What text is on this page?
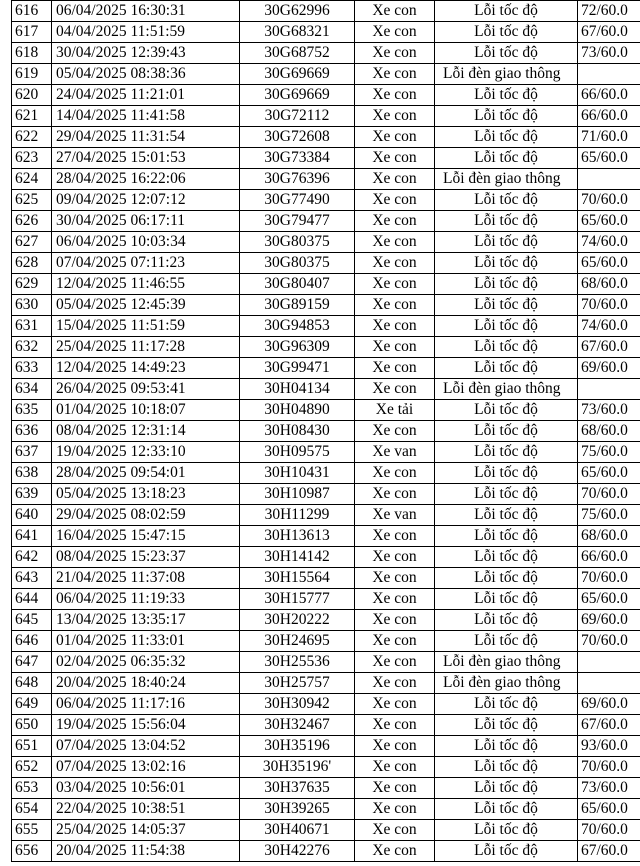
616	06/04/2025 16:30:31	30G62996	Xe con	Lỗi tốc độ	72/60.0
617	04/04/2025 11:51:59	30G68321	Xe con	Lỗi tốc độ	67/60.0
618	30/04/2025 12:39:43	30G68752	Xe con	Lỗi tốc độ	73/60.0
619	05/04/2025 08:38:36	30G69669	Xe con	Lỗi đèn giao thông	
620	24/04/2025 11:21:01	30G69669	Xe con	Lỗi tốc độ	66/60.0
621	14/04/2025 11:41:58	30G72112	Xe con	Lỗi tốc độ	66/60.0
622	29/04/2025 11:31:54	30G72608	Xe con	Lỗi tốc độ	71/60.0
623	27/04/2025 15:01:53	30G73384	Xe con	Lỗi tốc độ	65/60.0
624	28/04/2025 16:22:06	30G76396	Xe con	Lỗi đèn giao thông	
625	09/04/2025 12:07:12	30G77490	Xe con	Lỗi tốc độ	70/60.0
626	30/04/2025 06:17:11	30G79477	Xe con	Lỗi tốc độ	65/60.0
627	06/04/2025 10:03:34	30G80375	Xe con	Lỗi tốc độ	74/60.0
628	07/04/2025 07:11:23	30G80375	Xe con	Lỗi tốc độ	65/60.0
629	12/04/2025 11:46:55	30G80407	Xe con	Lỗi tốc độ	68/60.0
630	05/04/2025 12:45:39	30G89159	Xe con	Lỗi tốc độ	70/60.0
631	15/04/2025 11:51:59	30G94853	Xe con	Lỗi tốc độ	74/60.0
632	25/04/2025 11:17:28	30G96309	Xe con	Lỗi tốc độ	67/60.0
633	12/04/2025 14:49:23	30G99471	Xe con	Lỗi tốc độ	69/60.0
634	26/04/2025 09:53:41	30H04134	Xe con	Lỗi đèn giao thông	
635	01/04/2025 10:18:07	30H04890	Xe tải	Lỗi tốc độ	73/60.0
636	08/04/2025 12:31:14	30H08430	Xe con	Lỗi tốc độ	68/60.0
637	19/04/2025 12:33:10	30H09575	Xe van	Lỗi tốc độ	75/60.0
638	28/04/2025 09:54:01	30H10431	Xe con	Lỗi tốc độ	65/60.0
639	05/04/2025 13:18:23	30H10987	Xe con	Lỗi tốc độ	70/60.0
640	29/04/2025 08:02:59	30H11299	Xe van	Lỗi tốc độ	75/60.0
641	16/04/2025 15:47:15	30H13613	Xe con	Lỗi tốc độ	68/60.0
642	08/04/2025 15:23:37	30H14142	Xe con	Lỗi tốc độ	66/60.0
643	21/04/2025 11:37:08	30H15564	Xe con	Lỗi tốc độ	70/60.0
644	06/04/2025 11:19:33	30H15777	Xe con	Lỗi tốc độ	65/60.0
645	13/04/2025 13:35:17	30H20222	Xe con	Lỗi tốc độ	69/60.0
646	01/04/2025 11:33:01	30H24695	Xe con	Lỗi tốc độ	70/60.0
647	02/04/2025 06:35:32	30H25536	Xe con	Lỗi đèn giao thông	
648	20/04/2025 18:40:24	30H25757	Xe con	Lỗi đèn giao thông	
649	06/04/2025 11:17:16	30H30942	Xe con	Lỗi tốc độ	69/60.0
650	19/04/2025 15:56:04	30H32467	Xe con	Lỗi tốc độ	67/60.0
651	07/04/2025 13:04:52	30H35196	Xe con	Lỗi tốc độ	93/60.0
652	07/04/2025 13:02:16	30H35196'	Xe con	Lỗi tốc độ	70/60.0
653	03/04/2025 10:56:01	30H37635	Xe con	Lỗi tốc độ	73/60.0
654	22/04/2025 10:38:51	30H39265	Xe con	Lỗi tốc độ	65/60.0
655	25/04/2025 14:05:37	30H40671	Xe con	Lỗi tốc độ	70/60.0
656	20/04/2025 11:54:38	30H42276	Xe con	Lỗi tốc độ	67/60.0
